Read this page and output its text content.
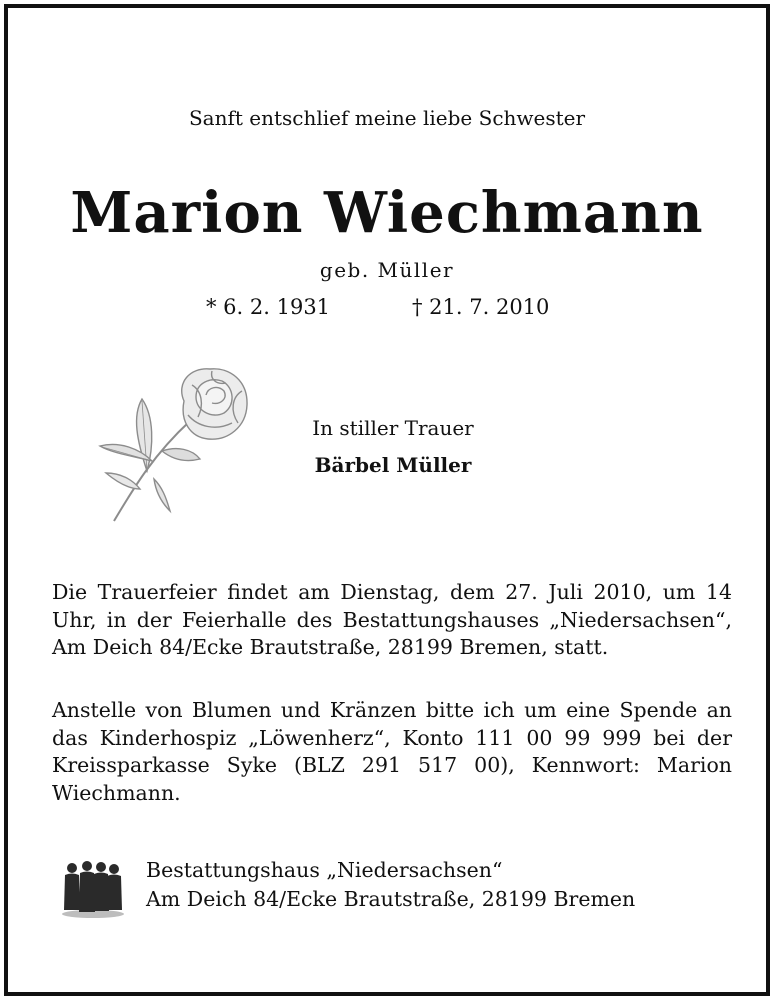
Sanft entschlief meine liebe Schwester
Marion Wiechmann
geb. Müller
* 6. 2. 1931	† 21. 7. 2010
In stiller Trauer
Bärbel Müller

Die Trauerfeier findet am Dienstag, dem 27. Juli 2010, um 14 Uhr, in der Feierhalle des Bestattungshauses „Niedersachsen“, Am Deich 84/Ecke Brautstraße, 28199 Bremen, statt.

Anstelle von Blumen und Kränzen bitte ich um eine Spende an das Kinderhospiz „Löwenherz“, Konto 111 00 99 999 bei der Kreissparkasse Syke (BLZ 291 517 00), Kennwort: Marion Wiechmann.

Bestattungshaus „Niedersachsen“
Am Deich 84/Ecke Brautstraße, 28199 Bremen
